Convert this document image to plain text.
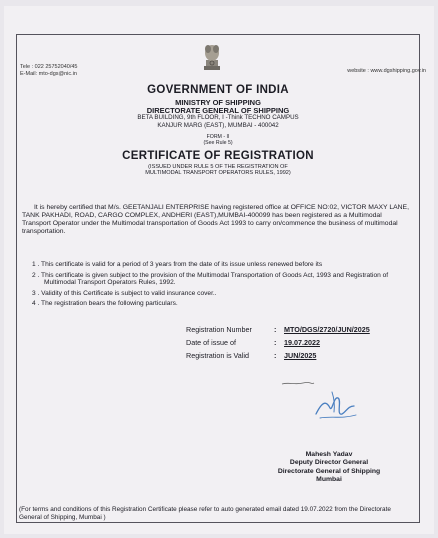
Tele : 022 25752040/45
E-Mail: mto-dgs@nic.in	website : www.dgshipping.gov.in
GOVERNMENT OF INDIA
MINISTRY OF SHIPPING
DIRECTORATE GENERAL OF SHIPPING
BETA BUILDING, 9th FLOOR, I -Think TECHNO CAMPUS
KANJUR MARG (EAST), MUMBAI - 400042
FORM - II
(See Rule 5)
CERTIFICATE OF REGISTRATION
(ISSUED UNDER RULE 5 OF THE REGISTRATION OF
MULTIMODAL TRANSPORT OPERATORS RULES, 1992)
It is hereby certified that M/s. GEETANJALI ENTERPRISE having registered office at OFFICE NO:02, VICTOR MAXY LANE, TANK PAKHADI, ROAD, CARGO COMPLEX, ANDHERI (EAST),MUMBAI-400099 has been registered as a Multimodal Transport Operator under the Multimodal transportation of Goods Act 1993 to carry on/commence the business of multimodal transportation.
1 . This certificate is valid for a period of 3 years from the date of its issue unless renewed before its
2 . This certificate is given subject to the provision of the Multimodal Transportation of Goods Act, 1993 and Registration of Multimodal Transport Operators Rules, 1992.
3 . Validity of this Certificate is subject to valid insurance cover..
4 . The registration bears the following particulars.
Registration Number	:	MTO/DGS/2720/JUN/2025
Date of issue of	:	19.07.2022
Registration is Valid	:	JUN/2025
Mahesh Yadav
Deputy Director General
Directorate General of Shipping
Mumbai
(For terms and conditions of this Registration Certificate please refer to auto generated email dated 19.07.2022 from the Directorate General of Shipping, Mumbai )
